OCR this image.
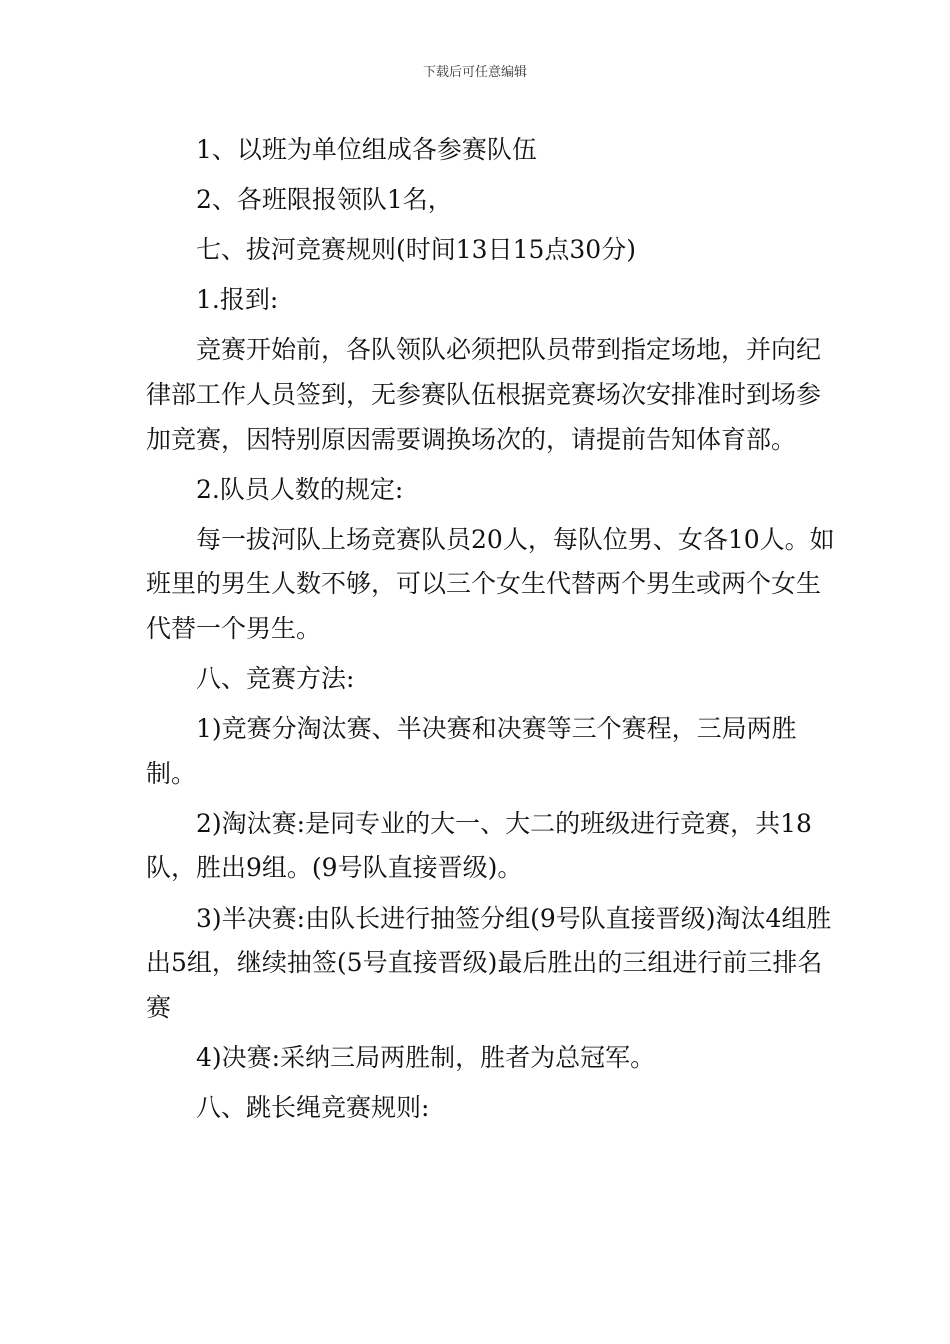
下载后可任意编辑

1、以班为单位组成各参赛队伍

2、各班限报领队1名，

七、拔河竞赛规则(时间13日15点30分)

1.报到:

竞赛开始前，各队领队必须把队员带到指定场地，并向纪律部工作人员签到，无参赛队伍根据竞赛场次安排准时到场参加竞赛，因特别原因需要调换场次的，请提前告知体育部。

2.队员人数的规定:

每一拔河队上场竞赛队员20人，每队位男、女各10人。如班里的男生人数不够，可以三个女生代替两个男生或两个女生代替一个男生。

八、竞赛方法:

1)竞赛分淘汰赛、半决赛和决赛等三个赛程，三局两胜制。

2)淘汰赛:是同专业的大一、大二的班级进行竞赛，共18队，胜出9组。(9号队直接晋级)。

3)半决赛:由队长进行抽签分组(9号队直接晋级)淘汰4组胜出5组，继续抽签(5号直接晋级)最后胜出的三组进行前三排名赛

4)决赛:采纳三局两胜制，胜者为总冠军。

八、跳长绳竞赛规则:
